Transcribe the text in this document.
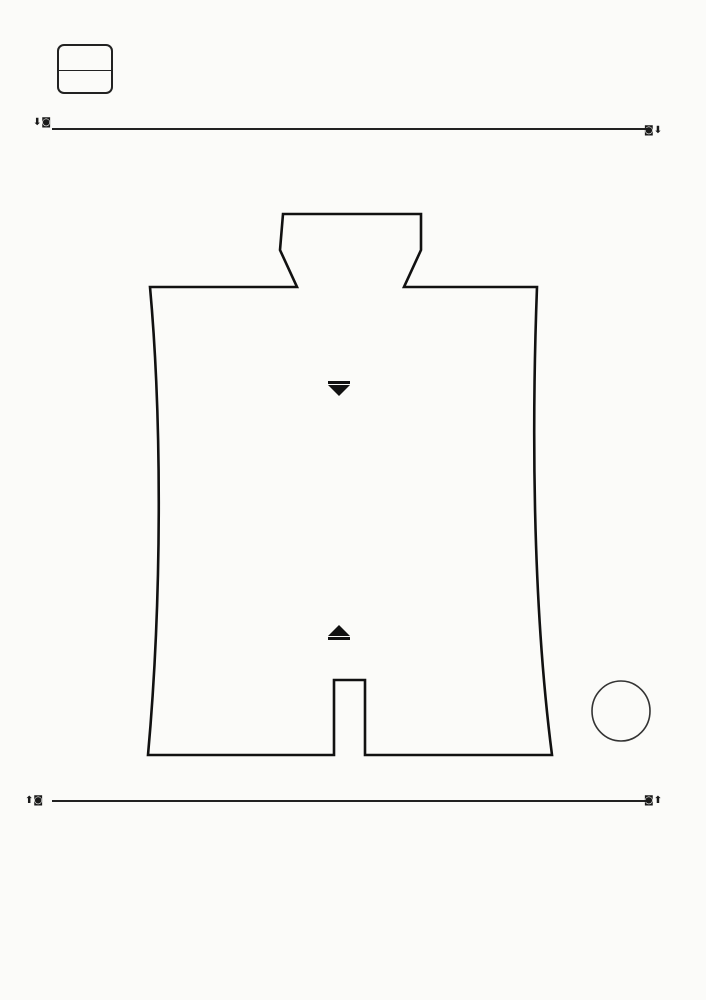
⬇◙
◙⬇
⬆◙	◙⬆
